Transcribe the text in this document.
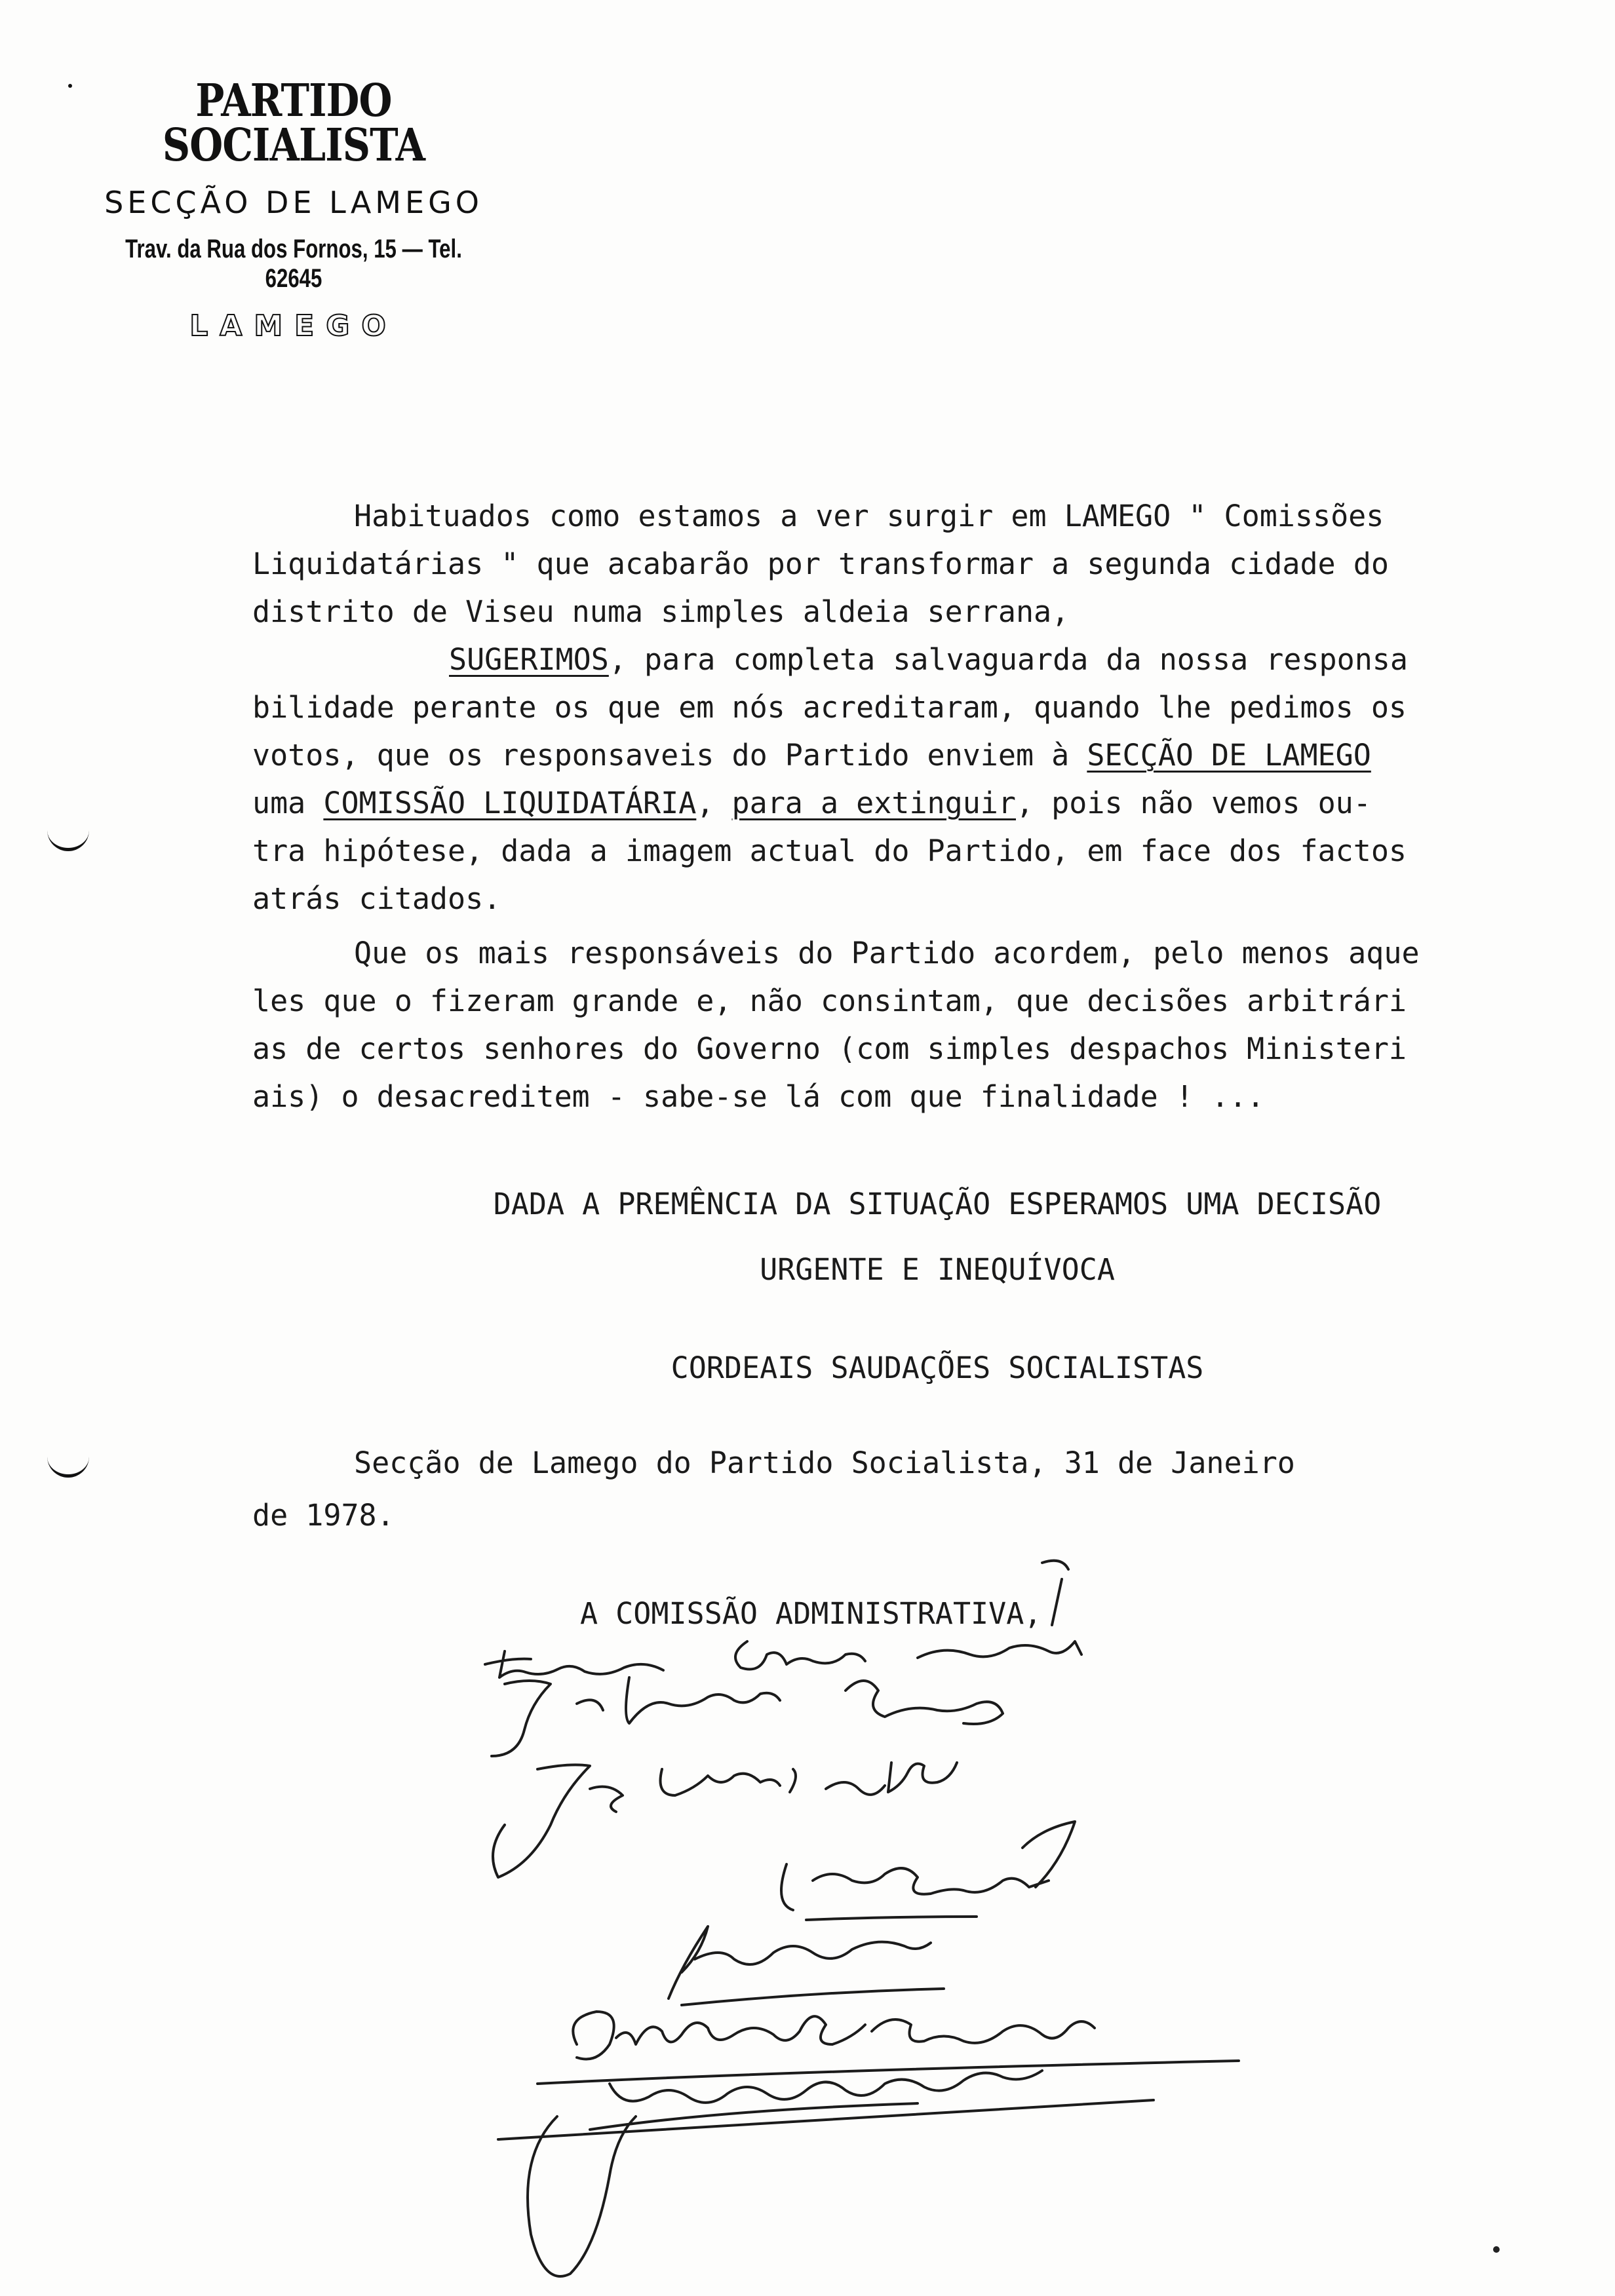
PARTIDO SOCIALISTA
SECÇÃO DE LAMEGO
Trav. da Rua dos Fornos, 15 — Tel. 62645
LAMEGO
Habituados como estamos a ver surgir em LAMEGO " Comissões
Liquidatárias " que acabarão por transformar a segunda cidade do
distrito de Viseu numa simples aldeia serrana,
SUGERIMOS, para completa salvaguarda da nossa responsa
bilidade perante os que em nós acreditaram, quando lhe pedimos os
votos, que os responsaveis do Partido enviem à SECÇÃO DE LAMEGO
uma COMISSÃO LIQUIDATÁRIA, para a extinguir, pois não vemos ou-
tra hipótese, dada a imagem actual do Partido, em face dos factos
atrás citados.
Que os mais responsáveis do Partido acordem, pelo menos aque
les que o fizeram grande e, não consintam, que decisões arbitrári
as de certos senhores do Governo (com simples despachos Ministeri
ais) o desacreditem - sabe-se lá com que finalidade ! ...
DADA A PREMÊNCIA DA SITUAÇÃO ESPERAMOS UMA DECISÃO
URGENTE E INEQUÍVOCA
CORDEAIS SAUDAÇÕES SOCIALISTAS
Secção de Lamego do Partido Socialista, 31 de Janeiro
de 1978.
A COMISSÃO ADMINISTRATIVA,
